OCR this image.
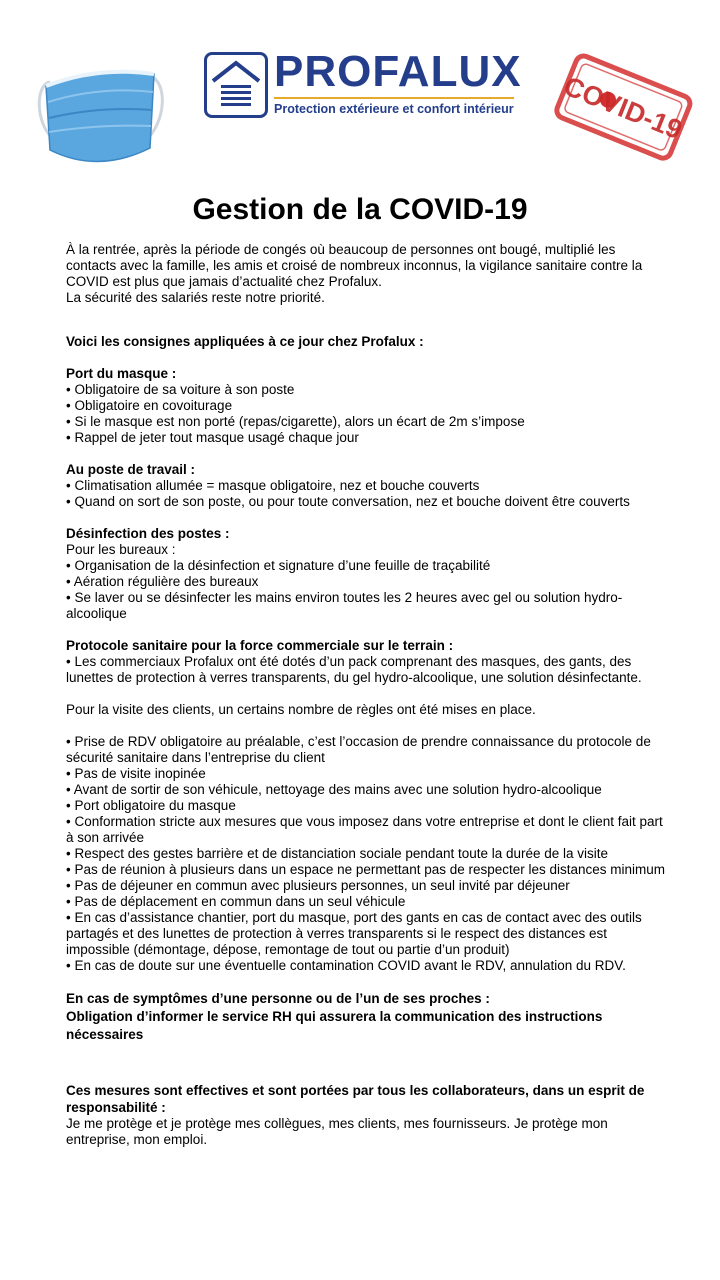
PROFALUX
Protection extérieure et confort intérieur COVID-19
Gestion de la COVID-19

À la rentrée, après la période de congés où beaucoup de personnes ont bougé, multiplié les contacts avec la famille, les amis et croisé de nombreux inconnus, la vigilance sanitaire contre la COVID est plus que jamais d’actualité chez Profalux.

La sécurité des salariés reste notre priorité.

Voici les consignes appliquées à ce jour chez Profalux :

Port du masque :

• Obligatoire de sa voiture à son poste

• Obligatoire en covoiturage

• Si le masque est non porté (repas/cigarette), alors un écart de 2m s’impose

• Rappel de jeter tout masque usagé chaque jour

Au poste de travail :

• Climatisation allumée = masque obligatoire, nez et bouche couverts

• Quand on sort de son poste, ou pour toute conversation, nez et bouche doivent être couverts

Désinfection des postes :

Pour les bureaux :

• Organisation de la désinfection et signature d’une feuille de traçabilité

• Aération régulière des bureaux

• Se laver ou se désinfecter les mains environ toutes les 2 heures avec gel ou solution hydro-alcoolique

Protocole sanitaire pour la force commerciale sur le terrain :

• Les commerciaux Profalux ont été dotés d’un pack comprenant des masques, des gants, des lunettes de protection à verres transparents, du gel hydro-alcoolique, une solution désinfectante.

Pour la visite des clients, un certains nombre de règles ont été mises en place.

• Prise de RDV obligatoire au préalable, c’est l’occasion de prendre connaissance du protocole de sécurité sanitaire dans l’entreprise du client

• Pas de visite inopinée

• Avant de sortir de son véhicule, nettoyage des mains avec une solution hydro-alcoolique

• Port obligatoire du masque

• Conformation stricte aux mesures que vous imposez dans votre entreprise et dont le client fait part à son arrivée

• Respect des gestes barrière et de distanciation sociale pendant toute la durée de la visite

• Pas de réunion à plusieurs dans un espace ne permettant pas de respecter les distances minimum

• Pas de déjeuner en commun avec plusieurs personnes, un seul invité par déjeuner

• Pas de déplacement en commun dans un seul véhicule

• En cas d’assistance chantier, port du masque, port des gants en cas de contact avec des outils partagés et des lunettes de protection à verres transparents si le respect des distances est impossible (démontage, dépose, remontage de tout ou partie d’un produit)

• En cas de doute sur une éventuelle contamination COVID avant le RDV, annulation du RDV.

En cas de symptômes d’une personne ou de l’un de ses proches :

Obligation d’informer le service RH qui assurera la communication des instructions nécessaires

Ces mesures sont effectives et sont portées par tous les collaborateurs, dans un esprit de responsabilité :

Je me protège et je protège mes collègues, mes clients, mes fournisseurs. Je protège mon entreprise, mon emploi.
